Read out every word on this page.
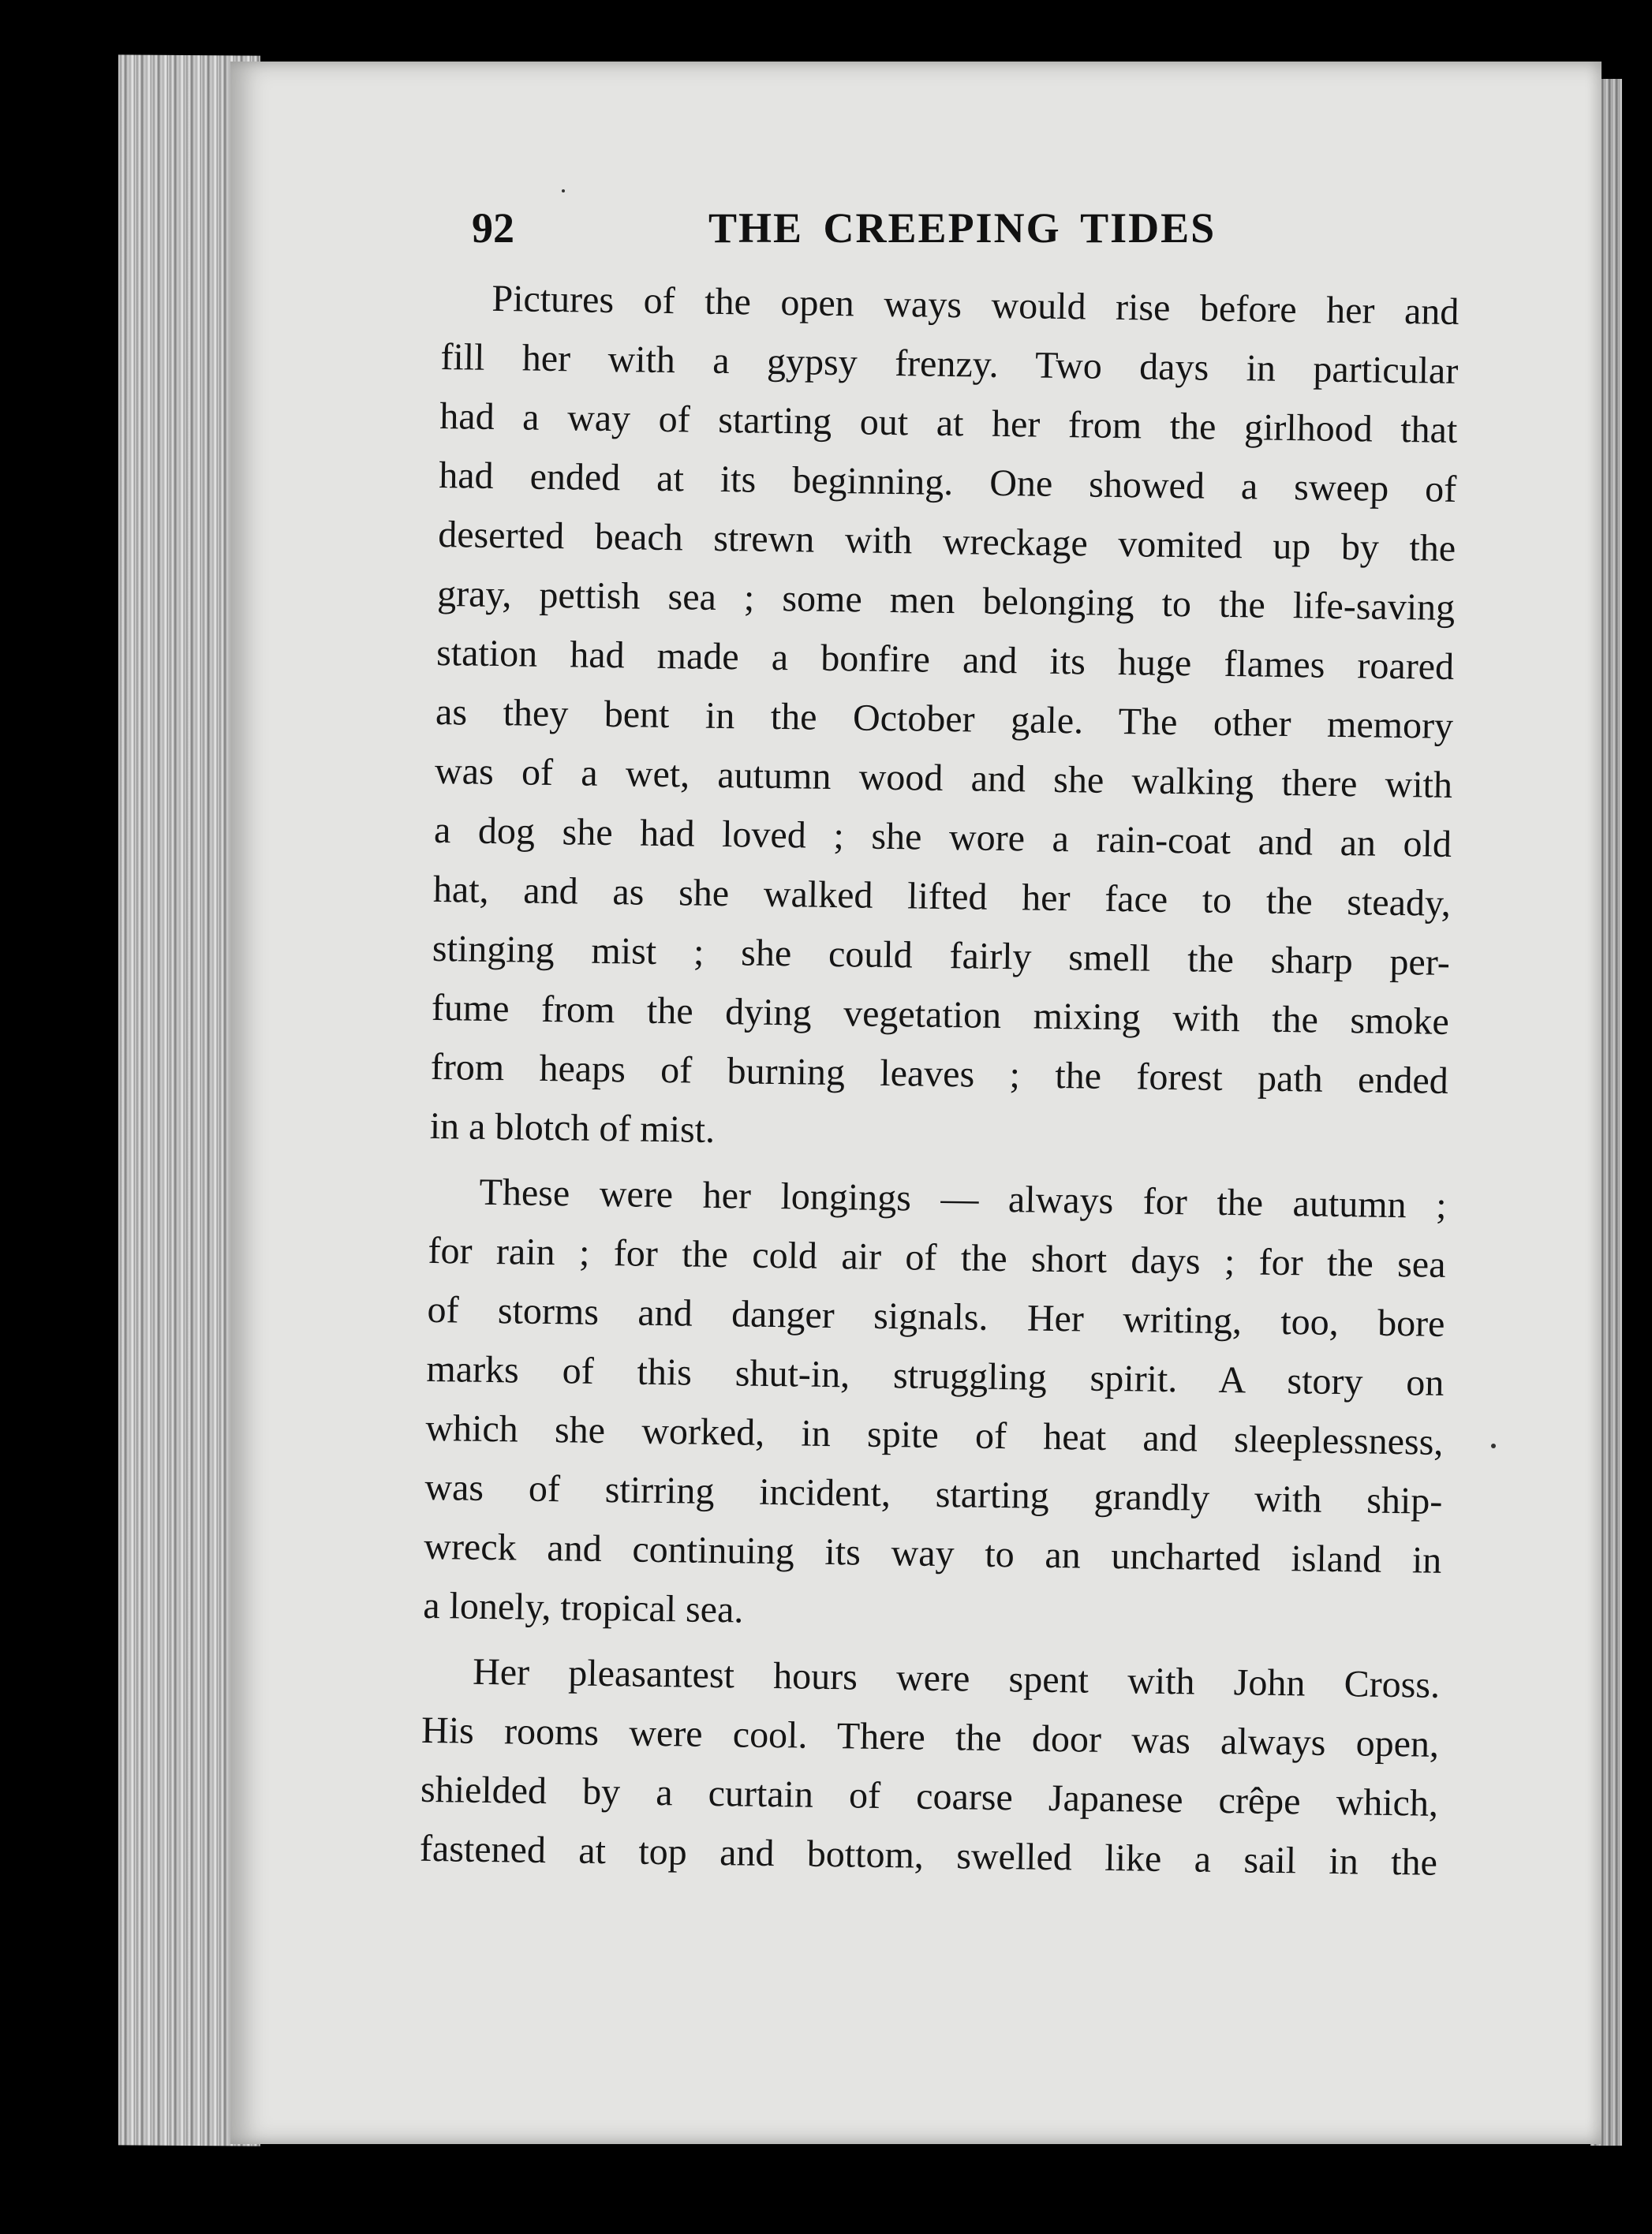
92	THE CREEPING TIDES
Pictures of the open ways would rise before her and
fill her with a gypsy frenzy. Two days in particular
had a way of starting out at her from the girlhood that
had ended at its beginning. One showed a sweep of
deserted beach strewn with wreckage vomited up by the
gray, pettish sea ; some men belonging to the life-saving
station had made a bonfire and its huge flames roared
as they bent in the October gale. The other memory
was of a wet, autumn wood and she walking there with
a dog she had loved ; she wore a rain-coat and an old
hat, and as she walked lifted her face to the steady,
stinging mist ; she could fairly smell the sharp per-
fume from the dying vegetation mixing with the smoke
from heaps of burning leaves ; the forest path ended
in a blotch of mist.
These were her longings — always for the autumn ;
for rain ; for the cold air of the short days ; for the sea
of storms and danger signals. Her writing, too, bore
marks of this shut-in, struggling spirit. A story on
which she worked, in spite of heat and sleeplessness,
was of stirring incident, starting grandly with ship-
wreck and continuing its way to an uncharted island in
a lonely, tropical sea.
Her pleasantest hours were spent with John Cross.
His rooms were cool. There the door was always open,
shielded by a curtain of coarse Japanese crêpe which,
fastened at top and bottom, swelled like a sail in the
